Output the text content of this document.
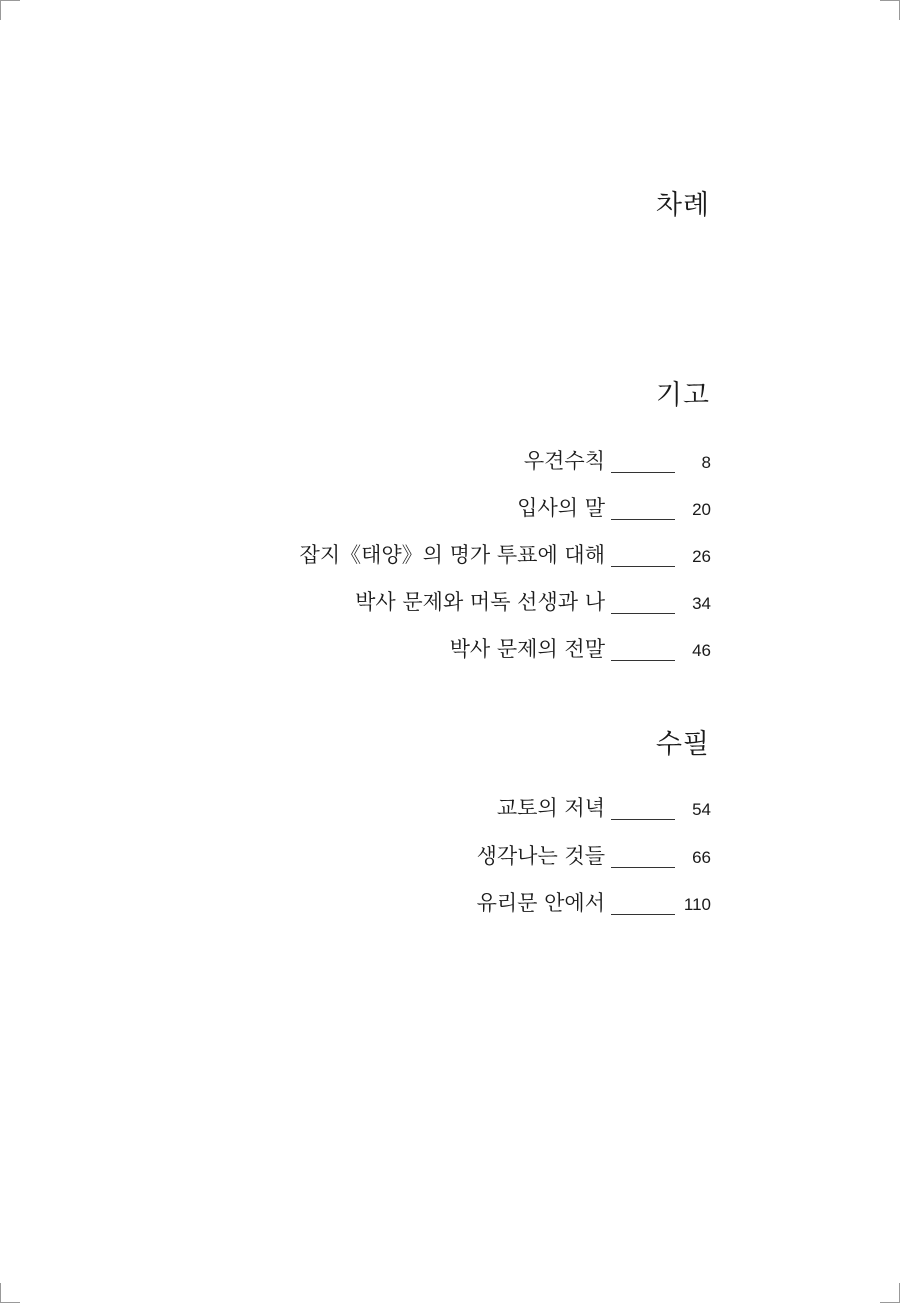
차례
기고
우견수칙	8
입사의 말	20
잡지《태양》의 명가 투표에 대해	26
박사 문제와 머독 선생과 나	34
박사 문제의 전말	46
수필
교토의 저녁	54
생각나는 것들	66
유리문 안에서	110
